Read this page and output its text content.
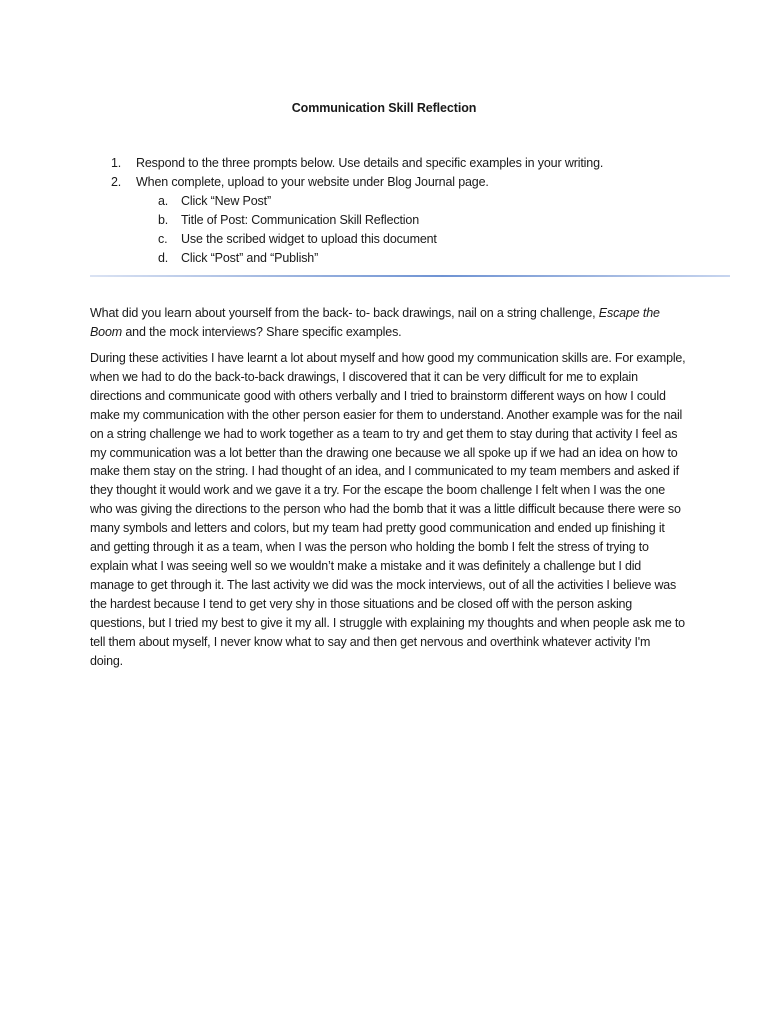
Communication Skill Reflection
1. Respond to the three prompts below. Use details and specific examples in your writing.
2. When complete, upload to your website under Blog Journal page.
a. Click “New Post”
b. Title of Post: Communication Skill Reflection
c. Use the scribed widget to upload this document
d. Click “Post” and “Publish”
What did you learn about yourself from the back- to- back drawings, nail on a string challenge, Escape the Boom and the mock interviews? Share specific examples.
During these activities I have learnt a lot about myself and how good my communication skills are. For example, when we had to do the back-to-back drawings, I discovered that it can be very difficult for me to explain directions and communicate good with others verbally and I tried to brainstorm different ways on how I could make my communication with the other person easier for them to understand. Another example was for the nail on a string challenge we had to work together as a team to try and get them to stay during that activity I feel as my communication was a lot better than the drawing one because we all spoke up if we had an idea on how to make them stay on the string. I had thought of an idea, and I communicated to my team members and asked if they thought it would work and we gave it a try. For the escape the boom challenge I felt when I was the one who was giving the directions to the person who had the bomb that it was a little difficult because there were so many symbols and letters and colors, but my team had pretty good communication and ended up finishing it and getting through it as a team, when I was the person who holding the bomb I felt the stress of trying to explain what I was seeing well so we wouldn’t make a mistake and it was definitely a challenge but I did manage to get through it. The last activity we did was the mock interviews, out of all the activities I believe was the hardest because I tend to get very shy in those situations and be closed off with the person asking questions, but I tried my best to give it my all. I struggle with explaining my thoughts and when people ask me to tell them about myself, I never know what to say and then get nervous and overthink whatever activity I'm doing.
